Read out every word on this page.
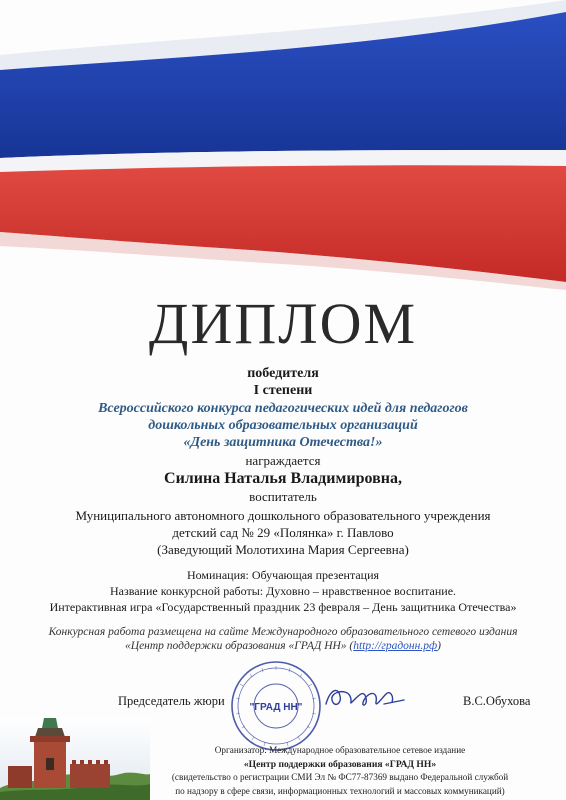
ДИПЛОМ
победителя
I степени
Всероссийского конкурса педагогических идей для педагогов
дошкольных образовательных организаций
«День защитника Отечества!»
награждается
Силина Наталья Владимировна,
воспитатель
Муниципального автономного дошкольного образовательного учреждения
детский сад № 29 «Полянка» г. Павлово
(Заведующий Молотихина Мария Сергеевна)
Номинация: Обучающая презентация
Название конкурсной работы: Духовно – нравственное воспитание.
Интерактивная игра «Государственный праздник 23 февраля – День защитника Отечества»
Конкурсная работа размещена на сайте Международного образовательного сетевого издания
«Центр поддержки образования «ГРАД НН» (http://градонн.рф)
Председатель жюри	В.С.Обухова
"ГРАД НН"
Организатор: Международное образовательное сетевое издание
«Центр поддержки образования «ГРАД НН»
(свидетельство о регистрации СМИ Эл № ФС77-87369 выдано Федеральной службой
по надзору в сфере связи, информационных технологий и массовых коммуникаций)
